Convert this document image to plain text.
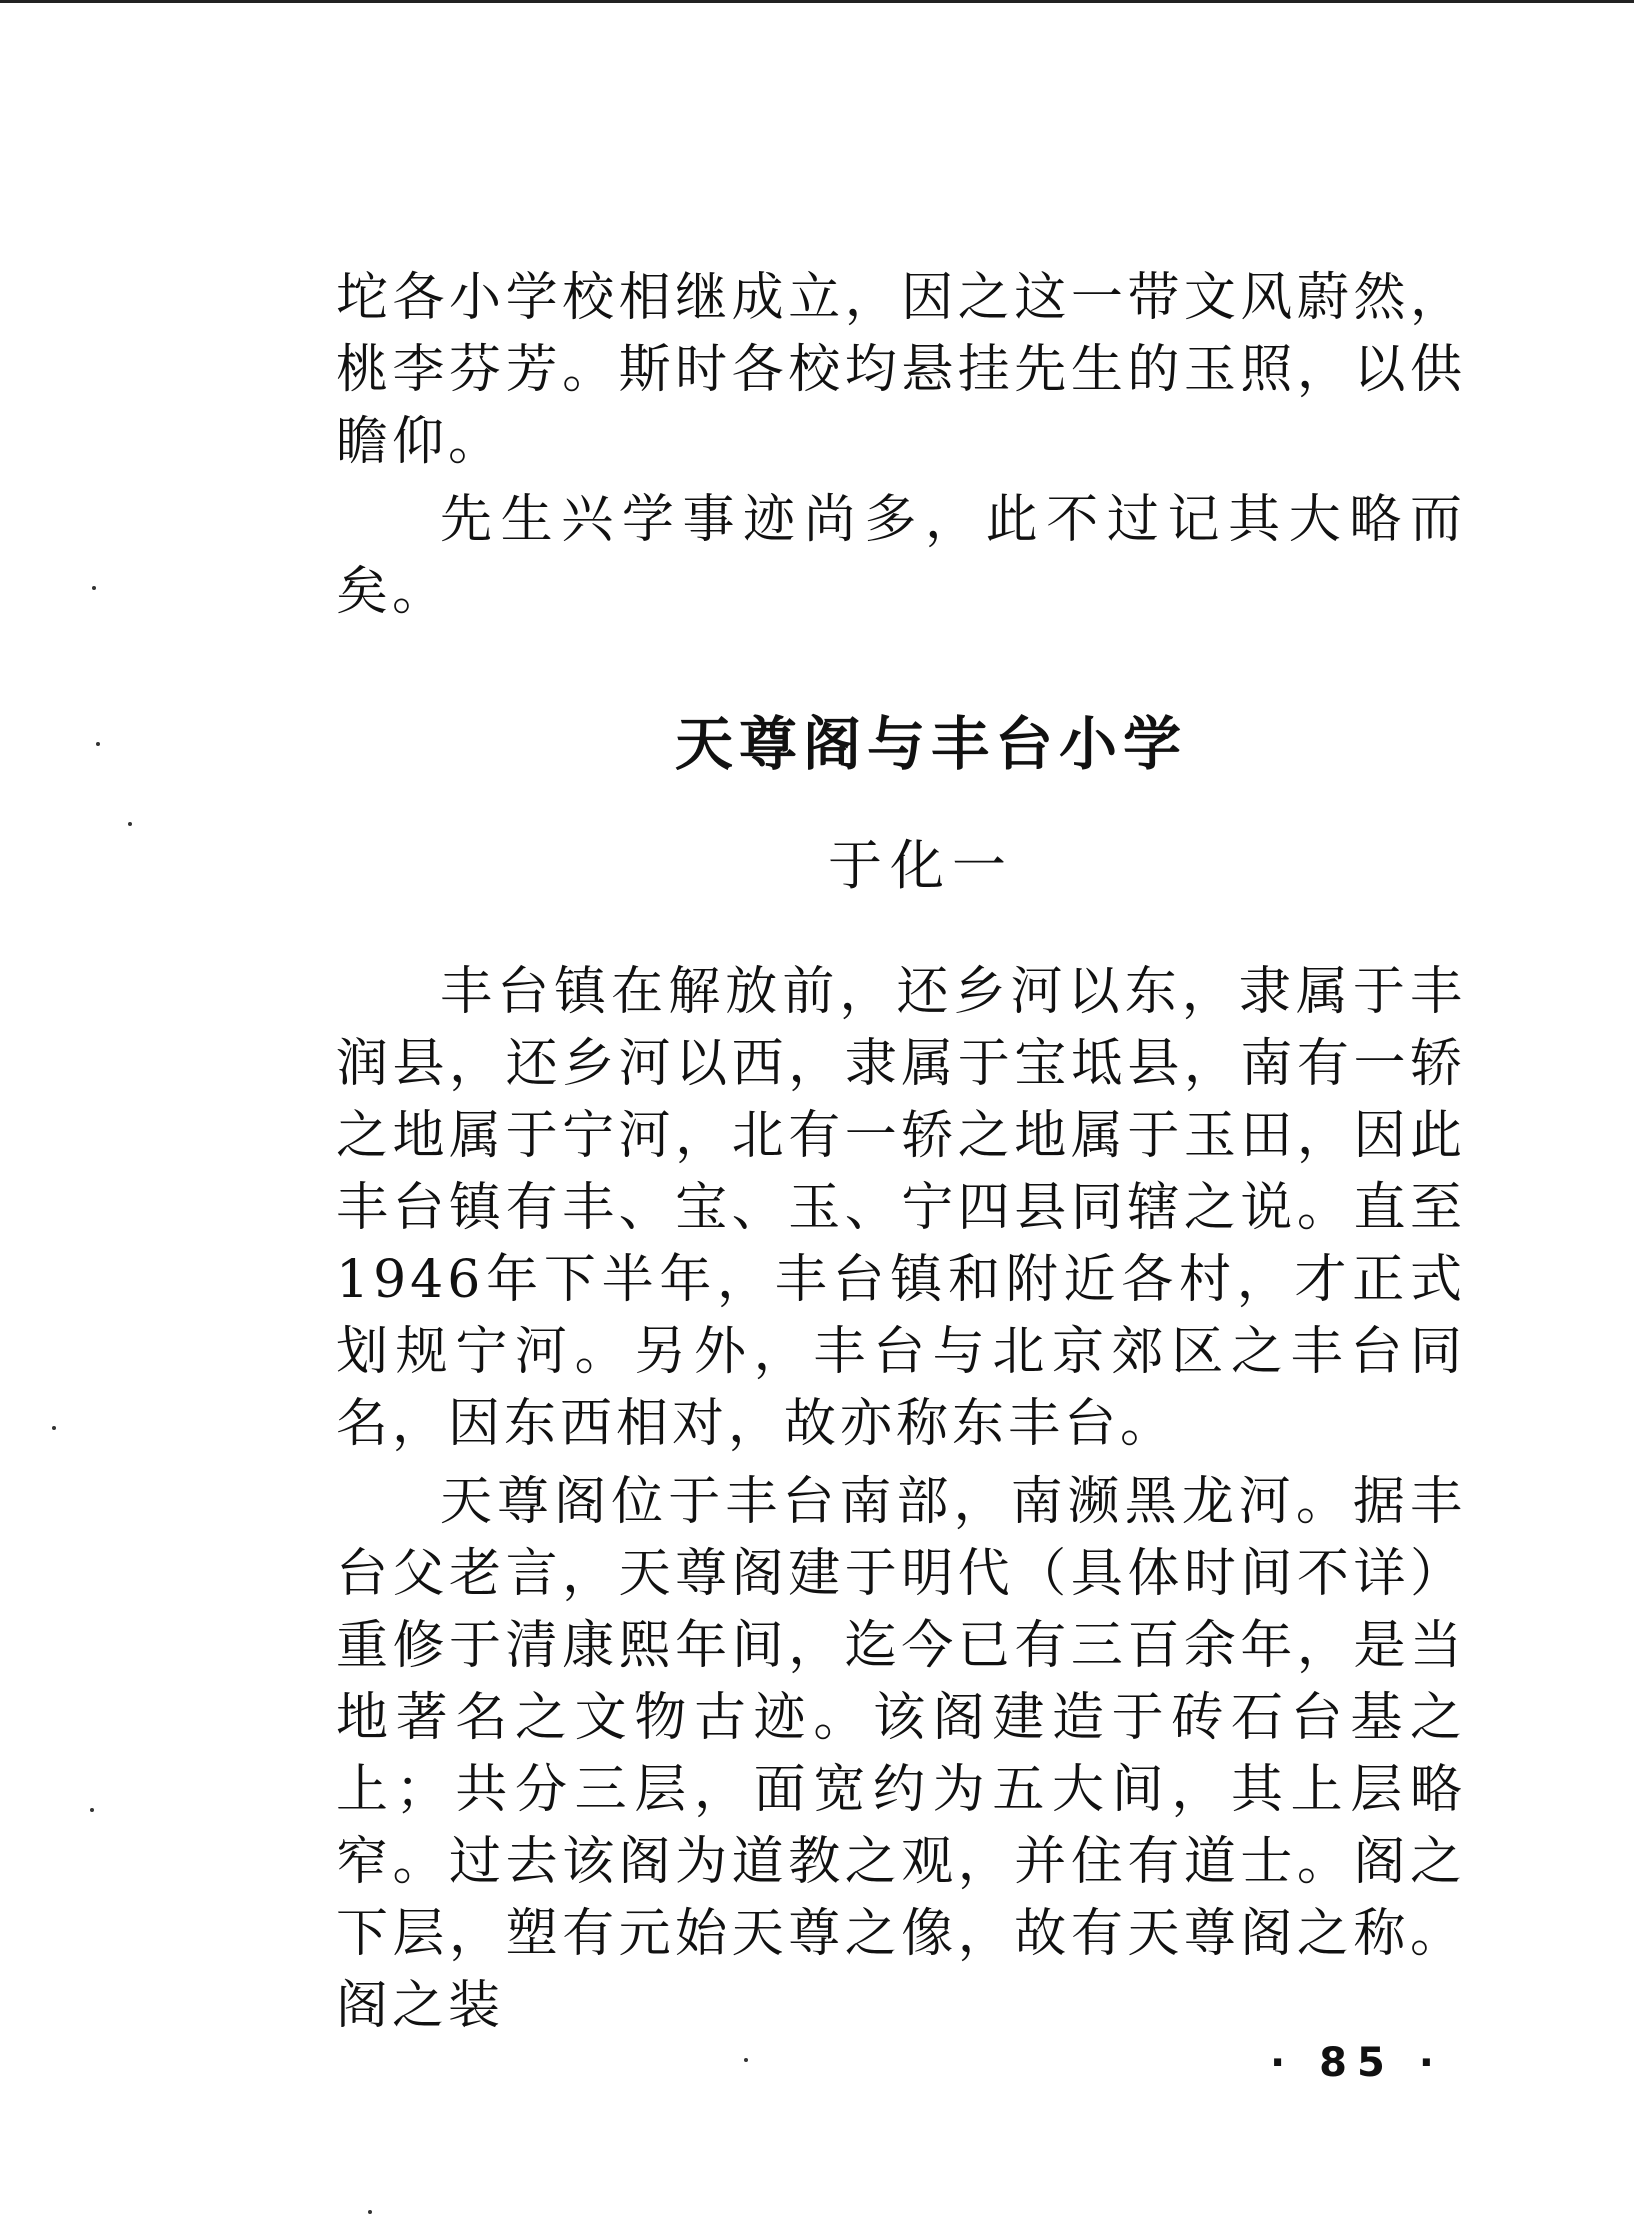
坨各小学校相继成立，因之这一带文风蔚然，桃李芬芳。斯时各校均悬挂先生的玉照，以供瞻仰。

先生兴学事迹尚多，此不过记其大略而矣。

天尊阁与丰台小学
于化一

丰台镇在解放前，还乡河以东，隶属于丰润县，还乡河以西，隶属于宝坻县，南有一轿之地属于宁河，北有一轿之地属于玉田，因此丰台镇有丰、宝、玉、宁四县同辖之说。直至1946年下半年，丰台镇和附近各村，才正式划规宁河。另外，丰台与北京郊区之丰台同名，因东西相对，故亦称东丰台。

天尊阁位于丰台南部，南濒黑龙河。据丰台父老言，天尊阁建于明代（具体时间不详）重修于清康熙年间，迄今已有三百余年，是当地著名之文物古迹。该阁建造于砖石台基之上；共分三层，面宽约为五大间，其上层略窄。过去该阁为道教之观，并住有道士。阁之下层，塑有元始天尊之像，故有天尊阁之称。阁之装

· 85 ·
